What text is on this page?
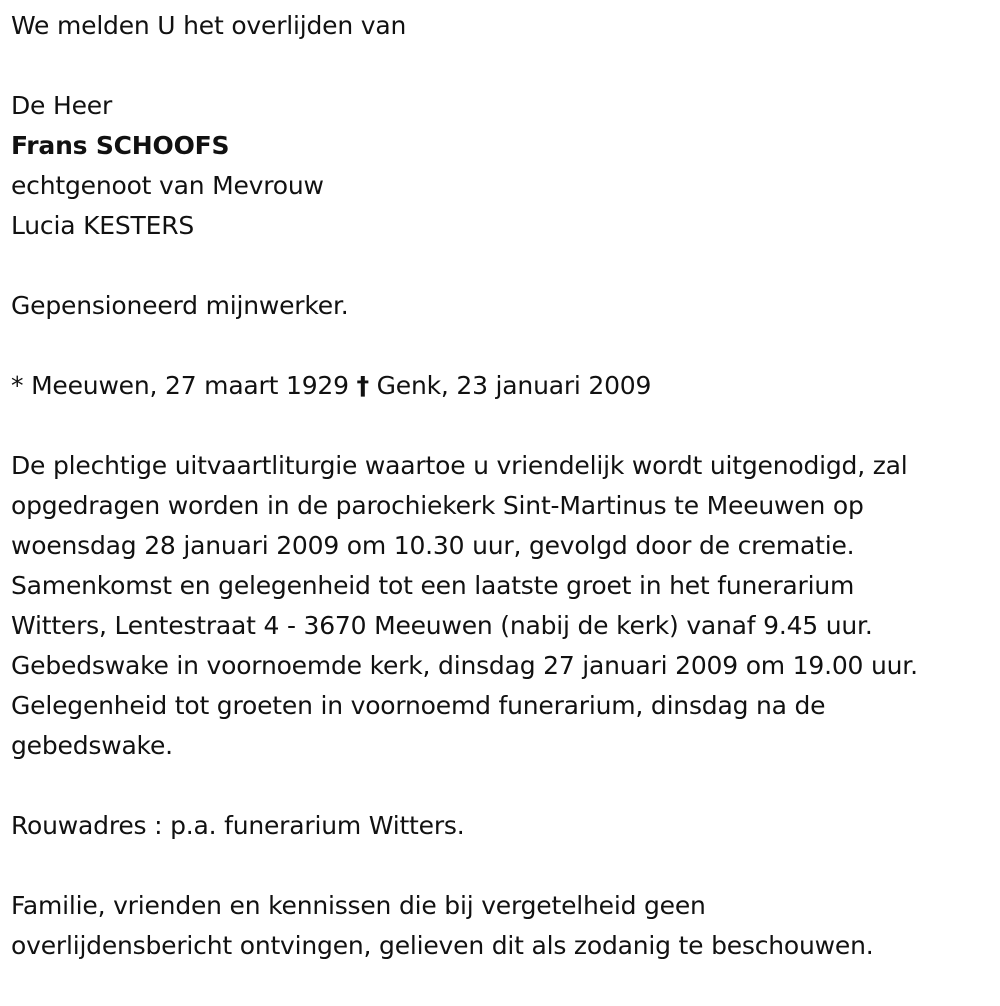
We melden U het overlijden van
De Heer
Frans SCHOOFS
echtgenoot van Mevrouw
Lucia KESTERS
Gepensioneerd mijnwerker.
* Meeuwen, 27 maart 1929 † Genk, 23 januari 2009
De plechtige uitvaartliturgie waartoe u vriendelijk wordt uitgenodigd, zal
opgedragen worden in de parochiekerk Sint-Martinus te Meeuwen op
woensdag 28 januari 2009 om 10.30 uur, gevolgd door de crematie.
Samenkomst en gelegenheid tot een laatste groet in het funerarium
Witters, Lentestraat 4 - 3670 Meeuwen (nabij de kerk) vanaf 9.45 uur.
Gebedswake in voornoemde kerk, dinsdag 27 januari 2009 om 19.00 uur.
Gelegenheid tot groeten in voornoemd funerarium, dinsdag na de
gebedswake.
Rouwadres : p.a. funerarium Witters.
Familie, vrienden en kennissen die bij vergetelheid geen
overlijdensbericht ontvingen, gelieven dit als zodanig te beschouwen.
